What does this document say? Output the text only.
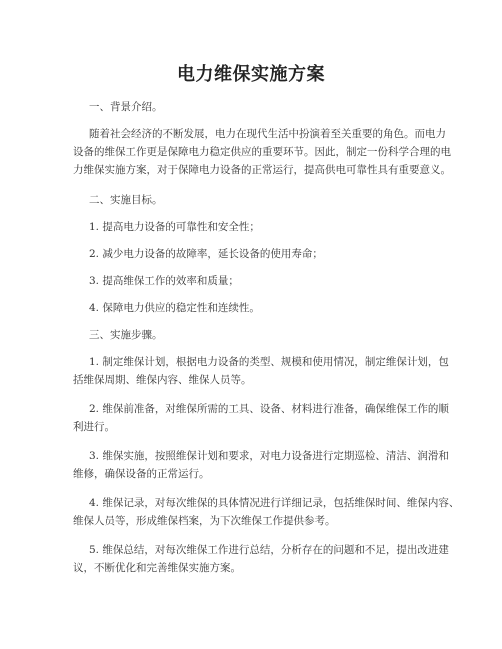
电力维保实施方案
一、背景介绍。
随着社会经济的不断发展，电力在现代生活中扮演着至关重要的角色。而电力
设备的维保工作更是保障电力稳定供应的重要环节。因此，制定一份科学合理的电
力维保实施方案，对于保障电力设备的正常运行，提高供电可靠性具有重要意义。
二、实施目标。
1. 提高电力设备的可靠性和安全性；
2. 减少电力设备的故障率，延长设备的使用寿命；
3. 提高维保工作的效率和质量；
4. 保障电力供应的稳定性和连续性。
三、实施步骤。
1. 制定维保计划，根据电力设备的类型、规模和使用情况，制定维保计划，包
括维保周期、维保内容、维保人员等。
2. 维保前准备，对维保所需的工具、设备、材料进行准备，确保维保工作的顺
利进行。
3. 维保实施，按照维保计划和要求，对电力设备进行定期巡检、清洁、润滑和
维修，确保设备的正常运行。
4. 维保记录，对每次维保的具体情况进行详细记录，包括维保时间、维保内容、
维保人员等，形成维保档案，为下次维保工作提供参考。
5. 维保总结，对每次维保工作进行总结，分析存在的问题和不足，提出改进建
议，不断优化和完善维保实施方案。
